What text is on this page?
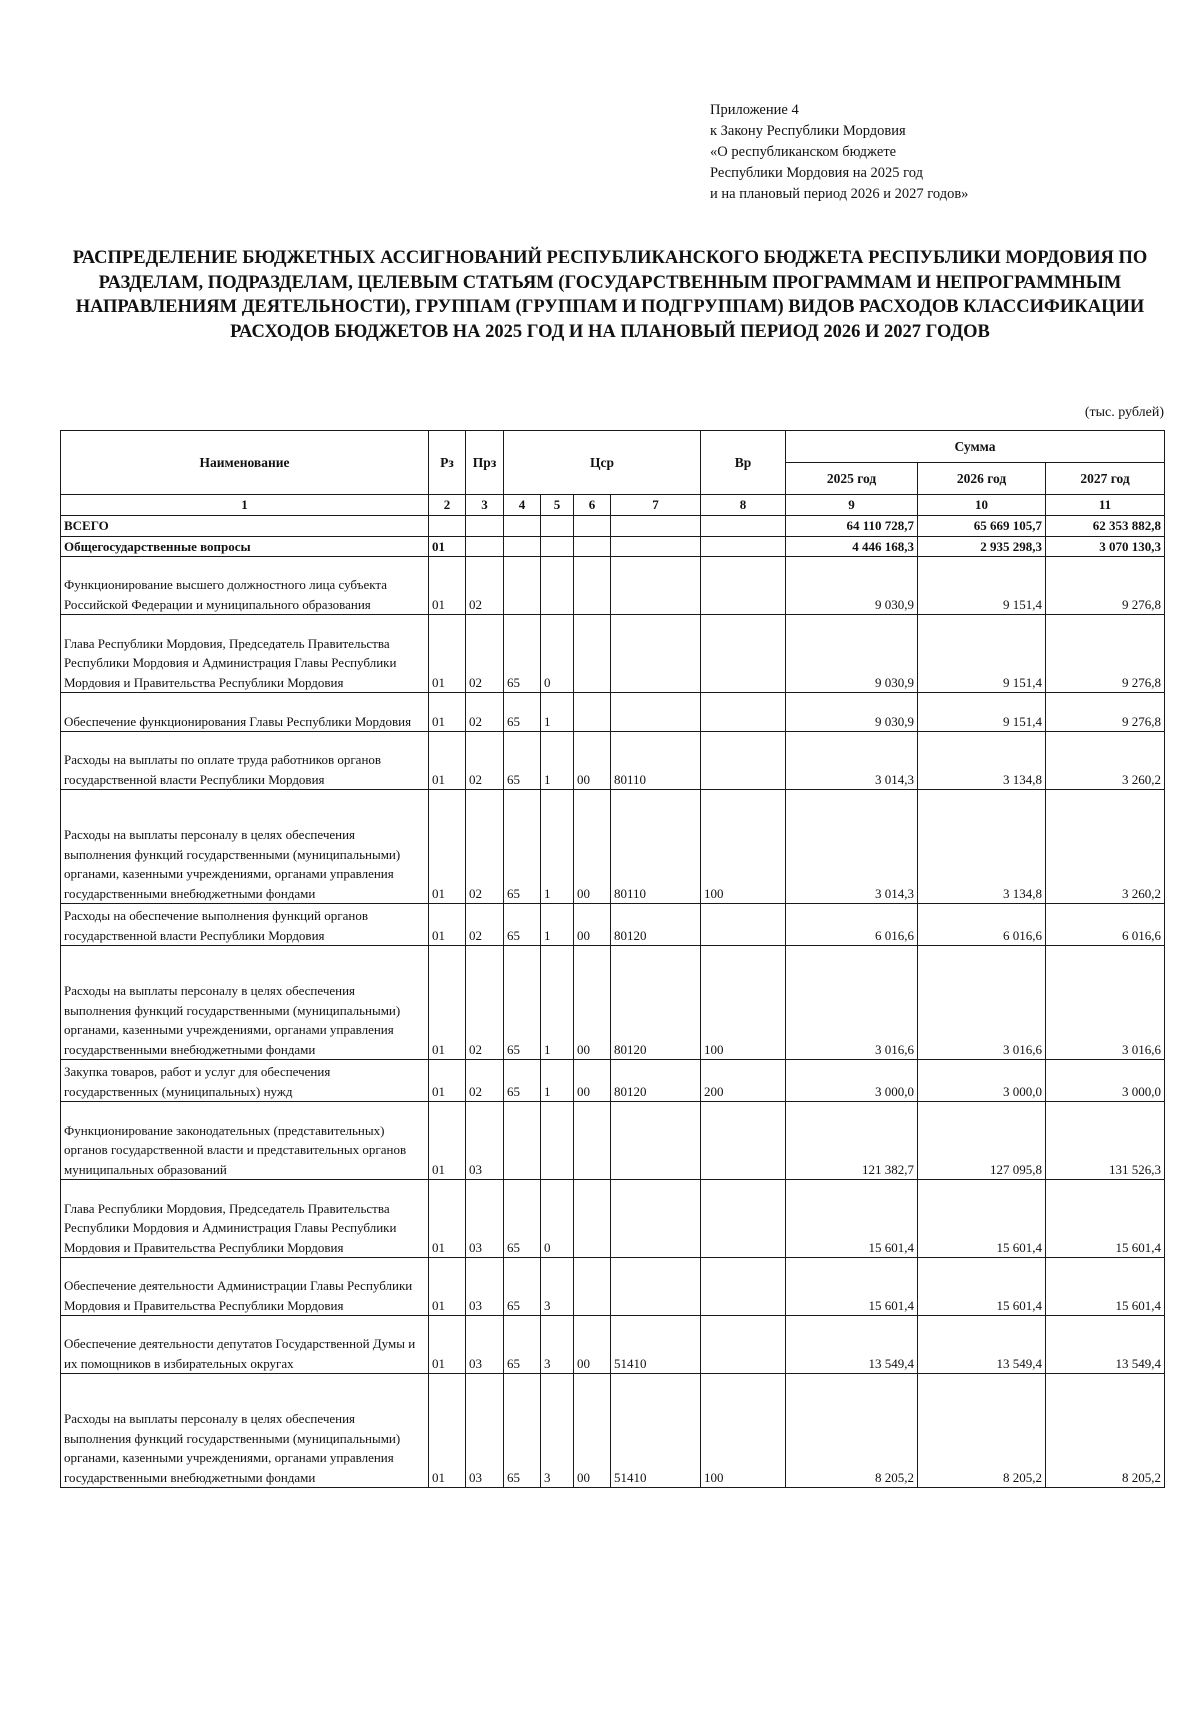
Приложение 4
к Закону Республики Мордовия
«О республиканском бюджете
Республики Мордовия на 2025 год
и на плановый период 2026 и 2027 годов»
РАСПРЕДЕЛЕНИЕ БЮДЖЕТНЫХ АССИГНОВАНИЙ РЕСПУБЛИКАНСКОГО БЮДЖЕТА РЕСПУБЛИКИ МОРДОВИЯ ПО РАЗДЕЛАМ, ПОДРАЗДЕЛАМ, ЦЕЛЕВЫМ СТАТЬЯМ (ГОСУДАРСТВЕННЫМ ПРОГРАММАМ И НЕПРОГРАММНЫМ НАПРАВЛЕНИЯМ ДЕЯТЕЛЬНОСТИ), ГРУППАМ (ГРУППАМ И ПОДГРУППАМ) ВИДОВ РАСХОДОВ КЛАССИФИКАЦИИ РАСХОДОВ БЮДЖЕТОВ НА 2025 ГОД И НА ПЛАНОВЫЙ ПЕРИОД 2026 И 2027 ГОДОВ
(тыс. рублей)
Наименование	Рз	Прз	Цср				Вр	Сумма		
								2025 год	2026 год	2027 год
1	2	3	4	5	6	7	8	9	10	11
ВСЕГО								64 110 728,7	65 669 105,7	62 353 882,8
Общегосударственные вопросы	01							4 446 168,3	2 935 298,3	3 070 130,3
Функционирование высшего должностного лица субъекта Российской Федерации и муниципального образования	01	02						9 030,9	9 151,4	9 276,8
Глава Республики Мордовия, Председатель Правительства Республики Мордовия и Администрация Главы Республики Мордовия и Правительства Республики Мордовия	01	02	65	0				9 030,9	9 151,4	9 276,8
Обеспечение функционирования Главы Республики Мордовия	01	02	65	1				9 030,9	9 151,4	9 276,8
Расходы на выплаты по оплате труда работников органов государственной власти Республики Мордовия	01	02	65	1	00	80110		3 014,3	3 134,8	3 260,2
Расходы на выплаты персоналу в целях обеспечения выполнения функций государственными (муниципальными) органами, казенными учреждениями, органами управления государственными внебюджетными фондами	01	02	65	1	00	80110	100	3 014,3	3 134,8	3 260,2
Расходы на обеспечение выполнения функций органов государственной власти Республики Мордовия	01	02	65	1	00	80120		6 016,6	6 016,6	6 016,6
Расходы на выплаты персоналу в целях обеспечения выполнения функций государственными (муниципальными) органами, казенными учреждениями, органами управления государственными внебюджетными фондами	01	02	65	1	00	80120	100	3 016,6	3 016,6	3 016,6
Закупка товаров, работ и услуг для обеспечения государственных (муниципальных) нужд	01	02	65	1	00	80120	200	3 000,0	3 000,0	3 000,0
Функционирование законодательных (представительных) органов государственной власти и представительных органов муниципальных образований	01	03						121 382,7	127 095,8	131 526,3
Глава Республики Мордовия, Председатель Правительства Республики Мордовия и Администрация Главы Республики Мордовия и Правительства Республики Мордовия	01	03	65	0				15 601,4	15 601,4	15 601,4
Обеспечение деятельности Администрации Главы Республики Мордовия и Правительства Республики Мордовия	01	03	65	3				15 601,4	15 601,4	15 601,4
Обеспечение деятельности депутатов Государственной Думы и их помощников в избирательных округах	01	03	65	3	00	51410		13 549,4	13 549,4	13 549,4
Расходы на выплаты персоналу в целях обеспечения выполнения функций государственными (муниципальными) органами, казенными учреждениями, органами управления государственными внебюджетными фондами	01	03	65	3	00	51410	100	8 205,2	8 205,2	8 205,2
